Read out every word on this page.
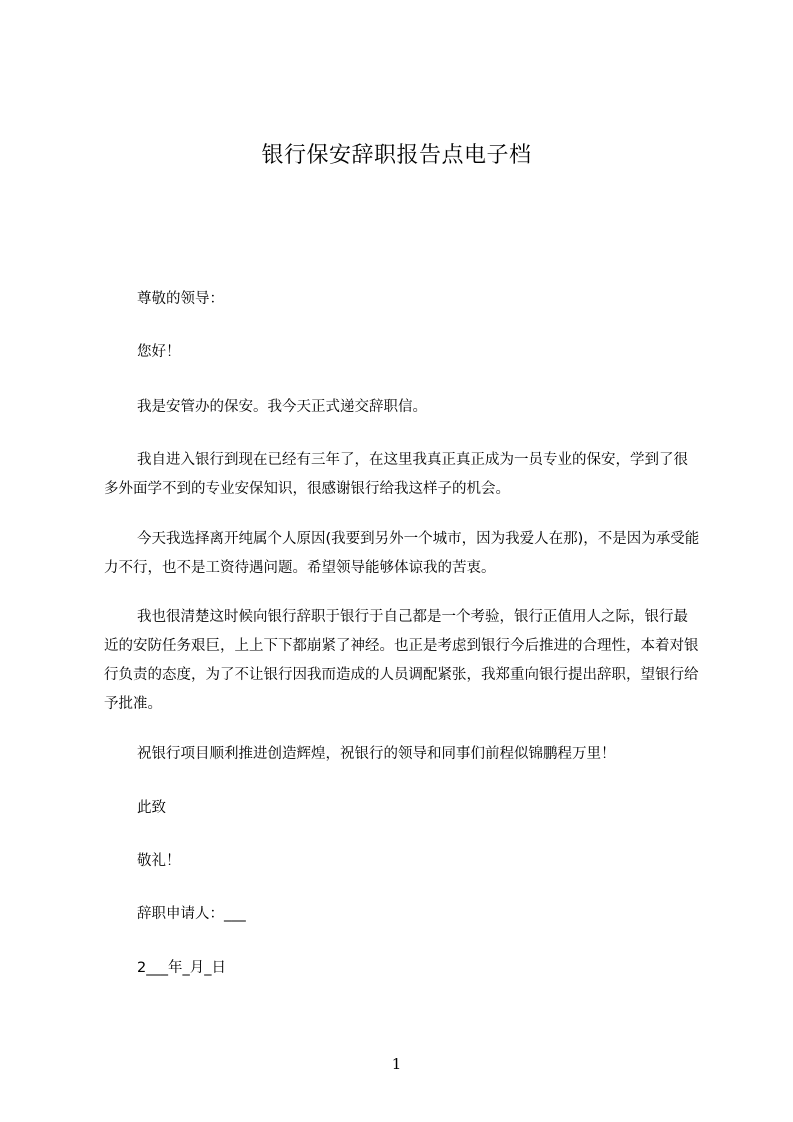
银行保安辞职报告点电子档

尊敬的领导：

您好！

我是安管办的保安。我今天正式递交辞职信。

我自进入银行到现在已经有三年了，在这里我真正真正成为一员专业的保安，学到了很多外面学不到的专业安保知识，很感谢银行给我这样子的机会。

今天我选择离开纯属个人原因(我要到另外一个城市，因为我爱人在那)，不是因为承受能力不行，也不是工资待遇问题。希望领导能够体谅我的苦衷。

我也很清楚这时候向银行辞职于银行于自己都是一个考验，银行正值用人之际，银行最近的安防任务艰巨，上上下下都崩紧了神经。也正是考虑到银行今后推进的合理性，本着对银行负责的态度，为了不让银行因我而造成的人员调配紧张，我郑重向银行提出辞职，望银行给予批准。

祝银行项目顺利推进创造辉煌，祝银行的领导和同事们前程似锦鹏程万里！

此致

敬礼！

辞职申请人：___

2___年_月_日

1
